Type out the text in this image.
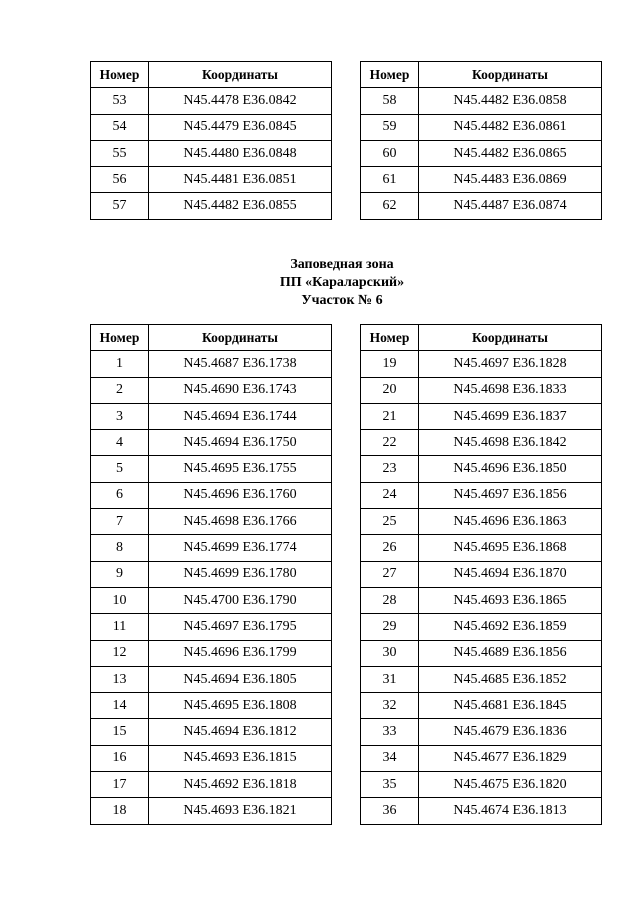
Номер	Координаты
53	N45.4478 E36.0842
54	N45.4479 E36.0845
55	N45.4480 E36.0848
56	N45.4481 E36.0851
57	N45.4482 E36.0855
Номер	Координаты
58	N45.4482 E36.0858
59	N45.4482 E36.0861
60	N45.4482 E36.0865
61	N45.4483 E36.0869
62	N45.4487 E36.0874
Заповедная зона
ПП «Караларский»
Участок № 6
Номер	Координаты
1	N45.4687 E36.1738
2	N45.4690 E36.1743
3	N45.4694 E36.1744
4	N45.4694 E36.1750
5	N45.4695 E36.1755
6	N45.4696 E36.1760
7	N45.4698 E36.1766
8	N45.4699 E36.1774
9	N45.4699 E36.1780
10	N45.4700 E36.1790
11	N45.4697 E36.1795
12	N45.4696 E36.1799
13	N45.4694 E36.1805
14	N45.4695 E36.1808
15	N45.4694 E36.1812
16	N45.4693 E36.1815
17	N45.4692 E36.1818
18	N45.4693 E36.1821
Номер	Координаты
19	N45.4697 E36.1828
20	N45.4698 E36.1833
21	N45.4699 E36.1837
22	N45.4698 E36.1842
23	N45.4696 E36.1850
24	N45.4697 E36.1856
25	N45.4696 E36.1863
26	N45.4695 E36.1868
27	N45.4694 E36.1870
28	N45.4693 E36.1865
29	N45.4692 E36.1859
30	N45.4689 E36.1856
31	N45.4685 E36.1852
32	N45.4681 E36.1845
33	N45.4679 E36.1836
34	N45.4677 E36.1829
35	N45.4675 E36.1820
36	N45.4674 E36.1813
